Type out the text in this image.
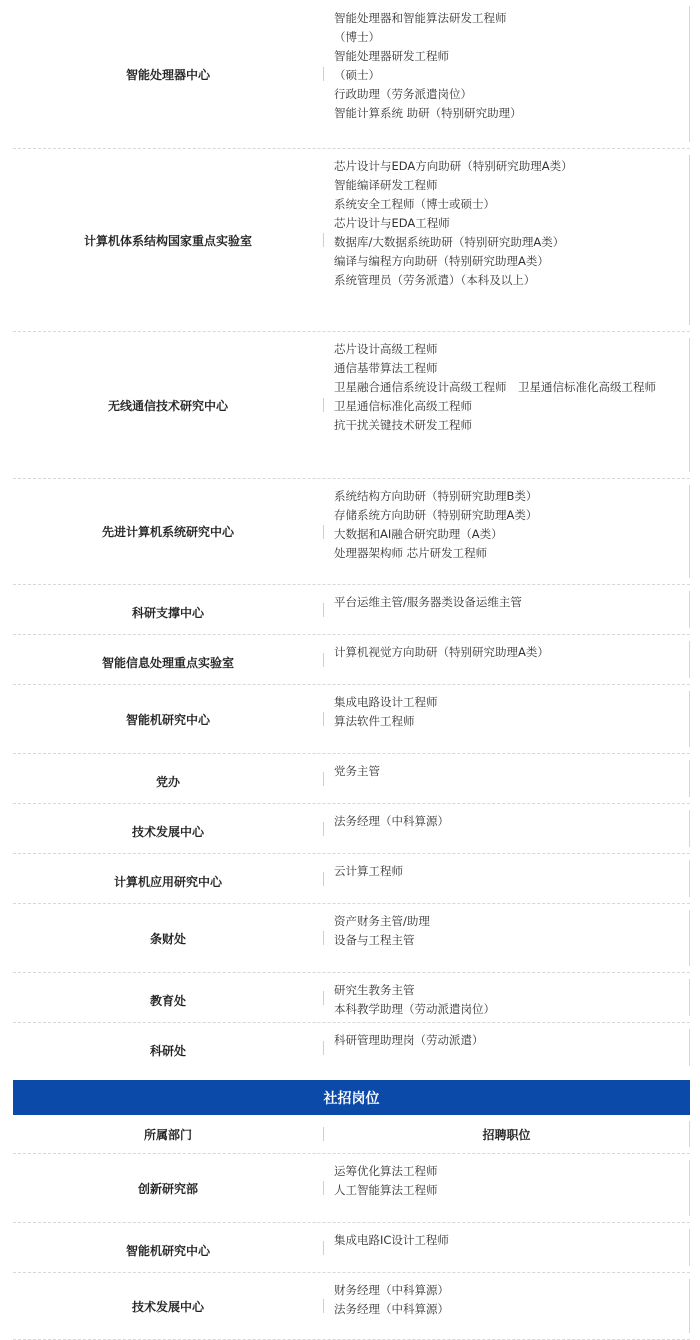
智能处理器中心
智能处理器和智能算法研发工程师
（博士）
智能处理器研发工程师
（硕士）
行政助理（劳务派遣岗位）
智能计算系统 助研（特别研究助理）
计算机体系结构国家重点实验室
芯片设计与EDA方向助研（特别研究助理A类）
智能编译研发工程师
系统安全工程师（博士或硕士）
芯片设计与EDA工程师
数据库/大数据系统助研（特别研究助理A类）
编译与编程方向助研（特别研究助理A类）
系统管理员（劳务派遣）（本科及以上）
无线通信技术研究中心
芯片设计高级工程师
通信基带算法工程师
卫星融合通信系统设计高级工程师　卫星通信标准化高级工程师
卫星通信标准化高级工程师
抗干扰关键技术研发工程师
先进计算机系统研究中心
系统结构方向助研（特别研究助理B类）
存储系统方向助研（特别研究助理A类）
大数据和AI融合研究助理（A类）
处理器架构师 芯片研发工程师
科研支撑中心
平台运维主管/服务器类设备运维主管
智能信息处理重点实验室
计算机视觉方向助研（特别研究助理A类）
智能机研究中心
集成电路设计工程师
算法软件工程师
党办
党务主管
技术发展中心
法务经理（中科算源）
计算机应用研究中心
云计算工程师
条财处
资产财务主管/助理
设备与工程主管
教育处
研究生教务主管
本科教学助理（劳动派遣岗位）
科研处
科研管理助理岗（劳动派遣）
社招岗位
所属部门	招聘职位
创新研究部
运筹优化算法工程师
人工智能算法工程师
智能机研究中心
集成电路IC设计工程师
技术发展中心
财务经理（中科算源）
法务经理（中科算源）
